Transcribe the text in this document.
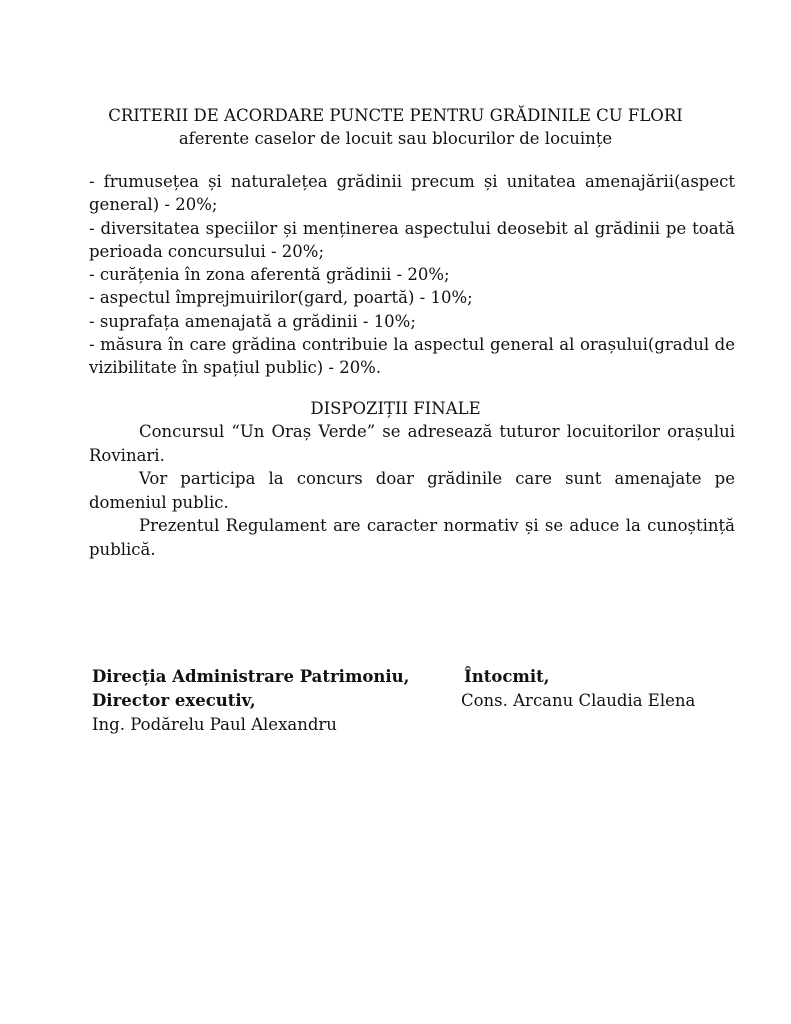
CRITERII DE ACORDARE PUNCTE PENTRU GRĂDINILE CU FLORI
aferente caselor de locuit sau blocurilor de locuințe

- frumusețea și naturalețea grădinii precum și unitatea amenajării(aspect general) - 20%;

- diversitatea speciilor și menținerea aspectului deosebit al grădinii pe toată perioada concursului - 20%;

- curățenia în zona aferentă grădinii - 20%;

- aspectul împrejmuirilor(gard, poartă) - 10%;

- suprafața amenajată a grădinii - 10%;

- măsura în care grădina contribuie la aspectul general al orașului(gradul de vizibilitate în spațiul public) - 20%.

DISPOZIȚII FINALE

Concursul “Un Oraș Verde” se adresează tuturor locuitorilor orașului Rovinari.

Vor participa la concurs doar grădinile care sunt amenajate pe domeniul public.

Prezentul Regulament are caracter normativ și se aduce la cunoștință publică.

Direcția Administrare Patrimoniu,
Director executiv,
Ing. Podărelu Paul Alexandru
Întocmit,
Cons. Arcanu Claudia Elena
